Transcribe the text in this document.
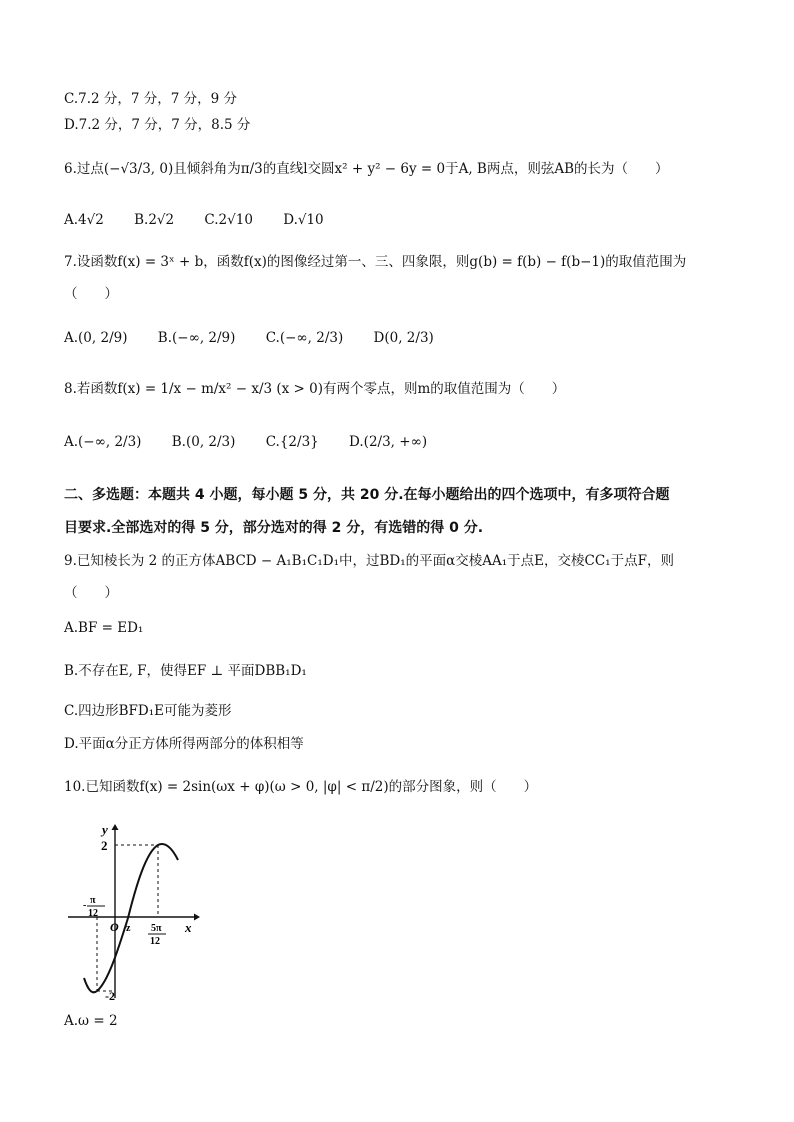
C.7.2 分，7 分，7 分，9 分
D.7.2 分，7 分，7 分，8.5 分
6.过点(−√3/3, 0)且倾斜角为π/3的直线l交圆x² + y² − 6y = 0于A, B两点，则弦AB的长为（　　）
A.4√2 B.2√2 C.2√10 D.√10
7.设函数f(x) = 3ˣ + b，函数f(x)的图像经过第一、三、四象限，则g(b) = f(b) − f(b−1)的取值范围为
（　　）
A.(0, 2/9) B.(−∞, 2/9) C.(−∞, 2/3) D(0, 2/3)
8.若函数f(x) = 1/x − m/x² − x/3 (x > 0)有两个零点，则m的取值范围为（　　）
A.(−∞, 2/3) B.(0, 2/3) C.{2/3} D.(2/3, +∞)
二、多选题：本题共 4 小题，每小题 5 分，共 20 分.在每小题给出的四个选项中，有多项符合题
目要求.全部选对的得 5 分，部分选对的得 2 分，有选错的得 0 分.
9.已知棱长为 2 的正方体ABCD − A₁B₁C₁D₁中，过BD₁的平面α交棱AA₁于点E，交棱CC₁于点F，则
（　　）
A.BF = ED₁
B.不存在E, F，使得EF ⊥ 平面DBB₁D₁
C.四边形BFD₁E可能为菱形
D.平面α分正方体所得两部分的体积相等
10.已知函数f(x) = 2sin(ωx + φ)(ω > 0, |φ| < π/2)的部分图象，则（　　）
y
x
2
-2
O z
- π
12
5π
12
A.ω = 2
